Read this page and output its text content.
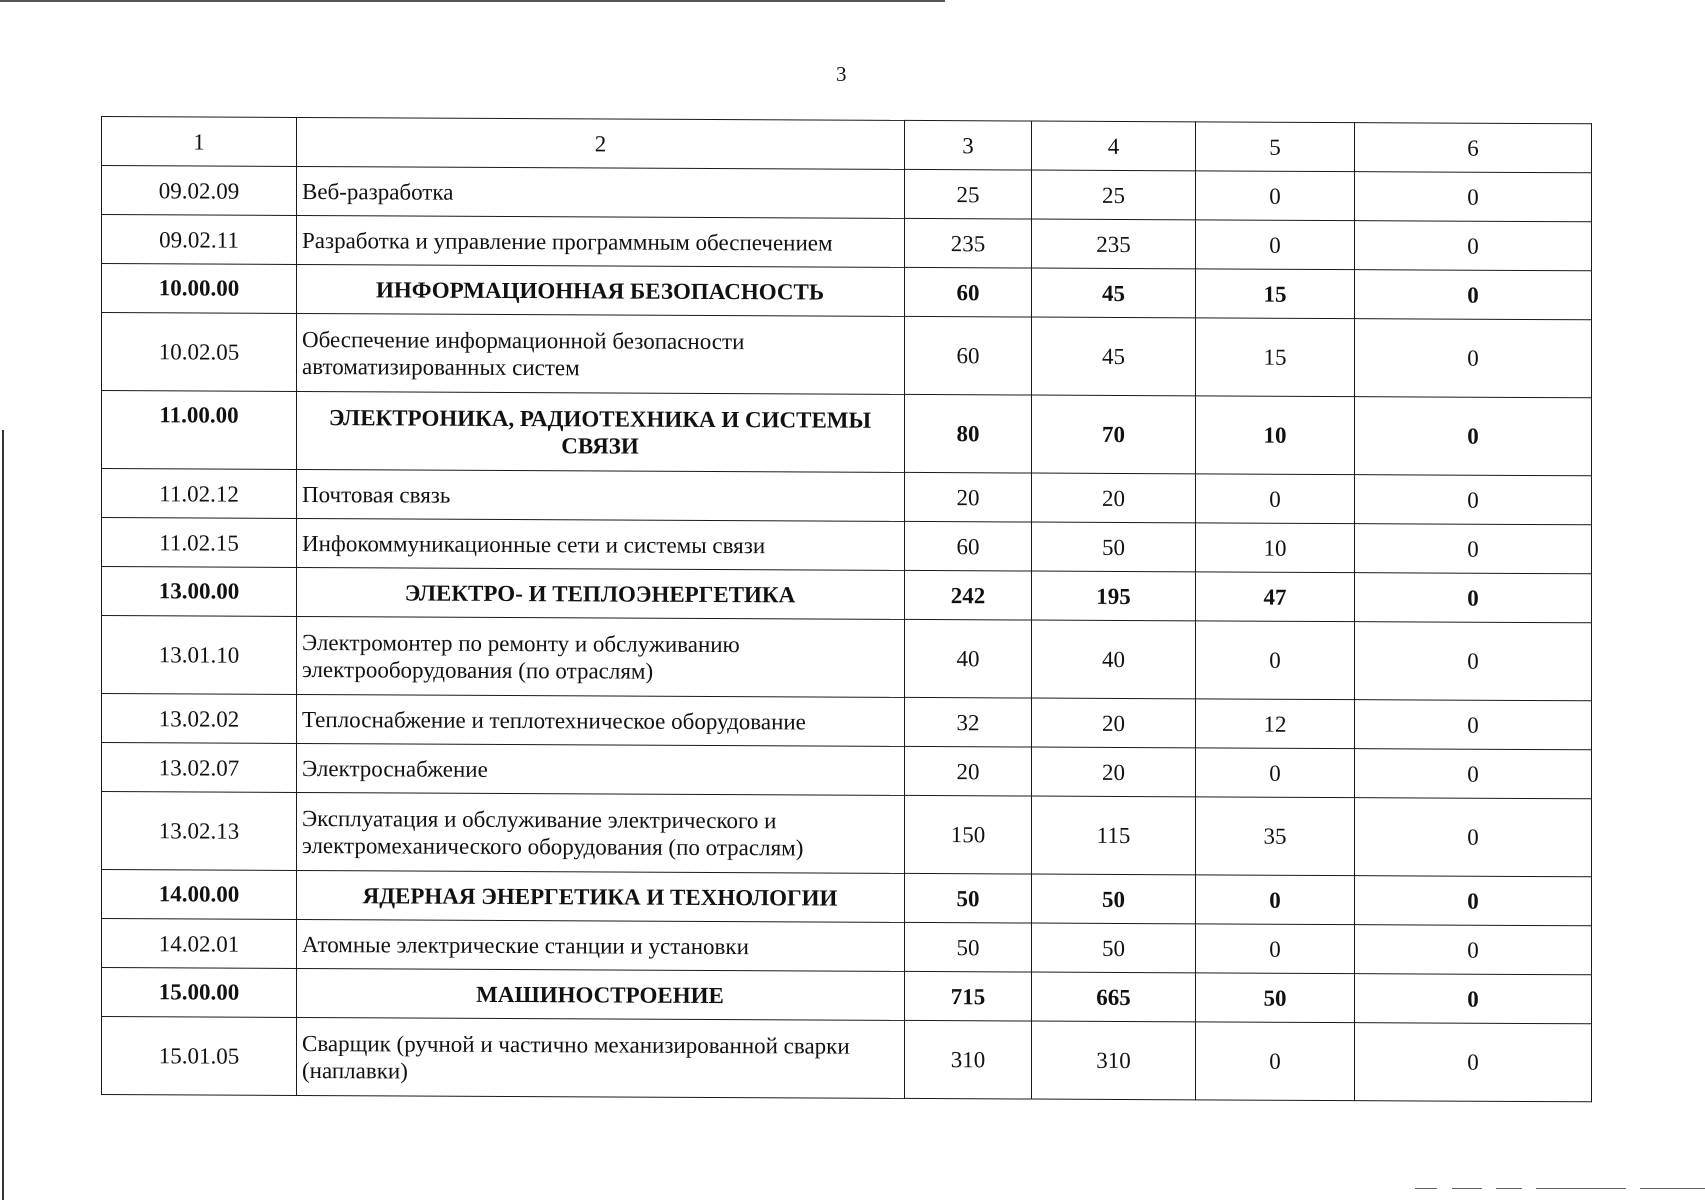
3
1	2	3	4	5	6
09.02.09	Веб-разработка	25	25	0	0
09.02.11	Разработка и управление программным обеспечением	235	235	0	0
10.00.00	ИНФОРМАЦИОННАЯ БЕЗОПАСНОСТЬ	60	45	15	0
10.02.05	Обеспечение информационной безопасности автоматизированных систем	60	45	15	0
11.00.00	ЭЛЕКТРОНИКА, РАДИОТЕХНИКА И СИСТЕМЫ СВЯЗИ	80	70	10	0
11.02.12	Почтовая связь	20	20	0	0
11.02.15	Инфокоммуникационные сети и системы связи	60	50	10	0
13.00.00	ЭЛЕКТРО- И ТЕПЛОЭНЕРГЕТИКА	242	195	47	0
13.01.10	Электромонтер по ремонту и обслуживанию электрооборудования (по отраслям)	40	40	0	0
13.02.02	Теплоснабжение и теплотехническое оборудование	32	20	12	0
13.02.07	Электроснабжение	20	20	0	0
13.02.13	Эксплуатация и обслуживание электрического и электромеханического оборудования (по отраслям)	150	115	35	0
14.00.00	ЯДЕРНАЯ ЭНЕРГЕТИКА И ТЕХНОЛОГИИ	50	50	0	0
14.02.01	Атомные электрические станции и установки	50	50	0	0
15.00.00	МАШИНОСТРОЕНИЕ	715	665	50	0
15.01.05	Сварщик (ручной и частично механизированной сварки (наплавки)	310	310	0	0
